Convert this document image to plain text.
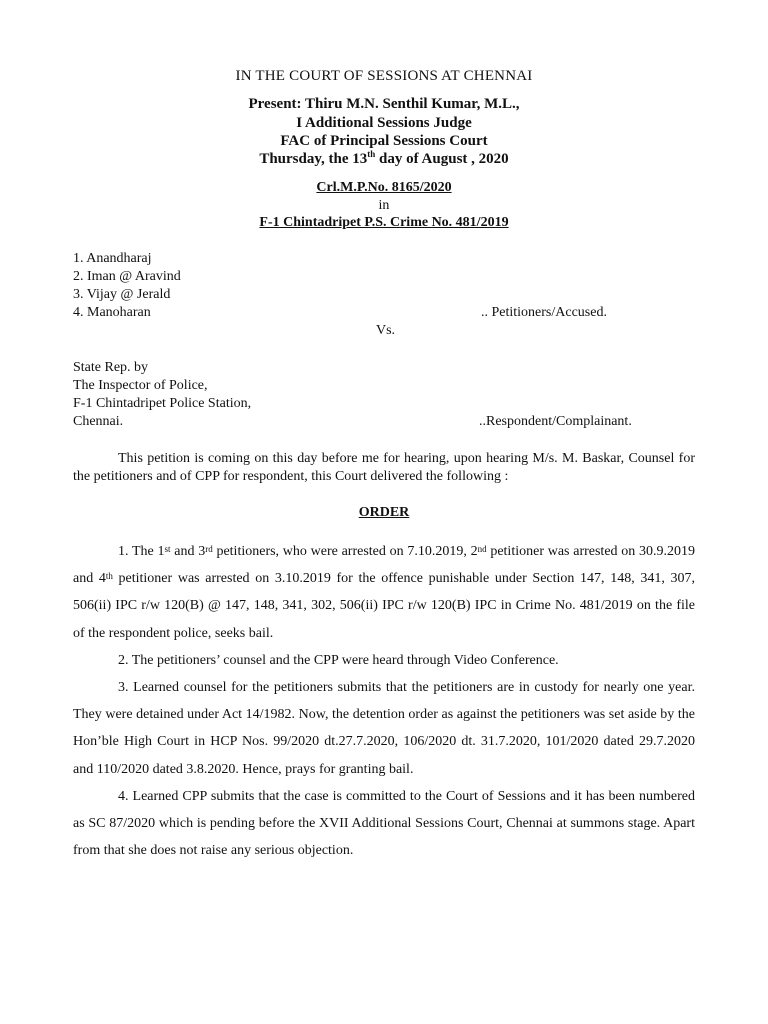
IN THE COURT OF SESSIONS AT CHENNAI
Present: Thiru M.N. Senthil Kumar, M.L.,
I Additional Sessions Judge
FAC of Principal Sessions Court
Thursday, the 13th day of August , 2020
Crl.M.P.No. 8165/2020
in
F-1 Chintadripet P.S. Crime No. 481/2019
1. Anandharaj
2. Iman @ Aravind
3. Vijay @ Jerald
4. Manoharan	.. Petitioners/Accused.
Vs.
State Rep. by
The Inspector of Police,
F-1 Chintadripet Police Station,
Chennai.	..Respondent/Complainant.
This petition is coming on this day before me for hearing, upon hearing M/s. M. Baskar, Counsel for the petitioners and of CPP for respondent, this Court delivered the following :
ORDER

1. The 1st and 3rd petitioners, who were arrested on 7.10.2019, 2nd petitioner was arrested on 30.9.2019 and 4th petitioner was arrested on 3.10.2019 for the offence punishable under Section 147, 148, 341, 307, 506(ii) IPC r/w 120(B) @ 147, 148, 341, 302, 506(ii) IPC r/w 120(B) IPC in Crime No. 481/2019 on the file of the respondent police, seeks bail.

2. The petitioners’ counsel and the CPP were heard through Video Conference.

3. Learned counsel for the petitioners submits that the petitioners are in custody for nearly one year. They were detained under Act 14/1982. Now, the detention order as against the petitioners was set aside by the Hon’ble High Court in HCP Nos. 99/2020 dt.27.7.2020, 106/2020 dt. 31.7.2020, 101/2020 dated 29.7.2020 and 110/2020 dated 3.8.2020. Hence, prays for granting bail.

4. Learned CPP submits that the case is committed to the Court of Sessions and it has been numbered as SC 87/2020 which is pending before the XVII Additional Sessions Court, Chennai at summons stage. Apart from that she does not raise any serious objection.
